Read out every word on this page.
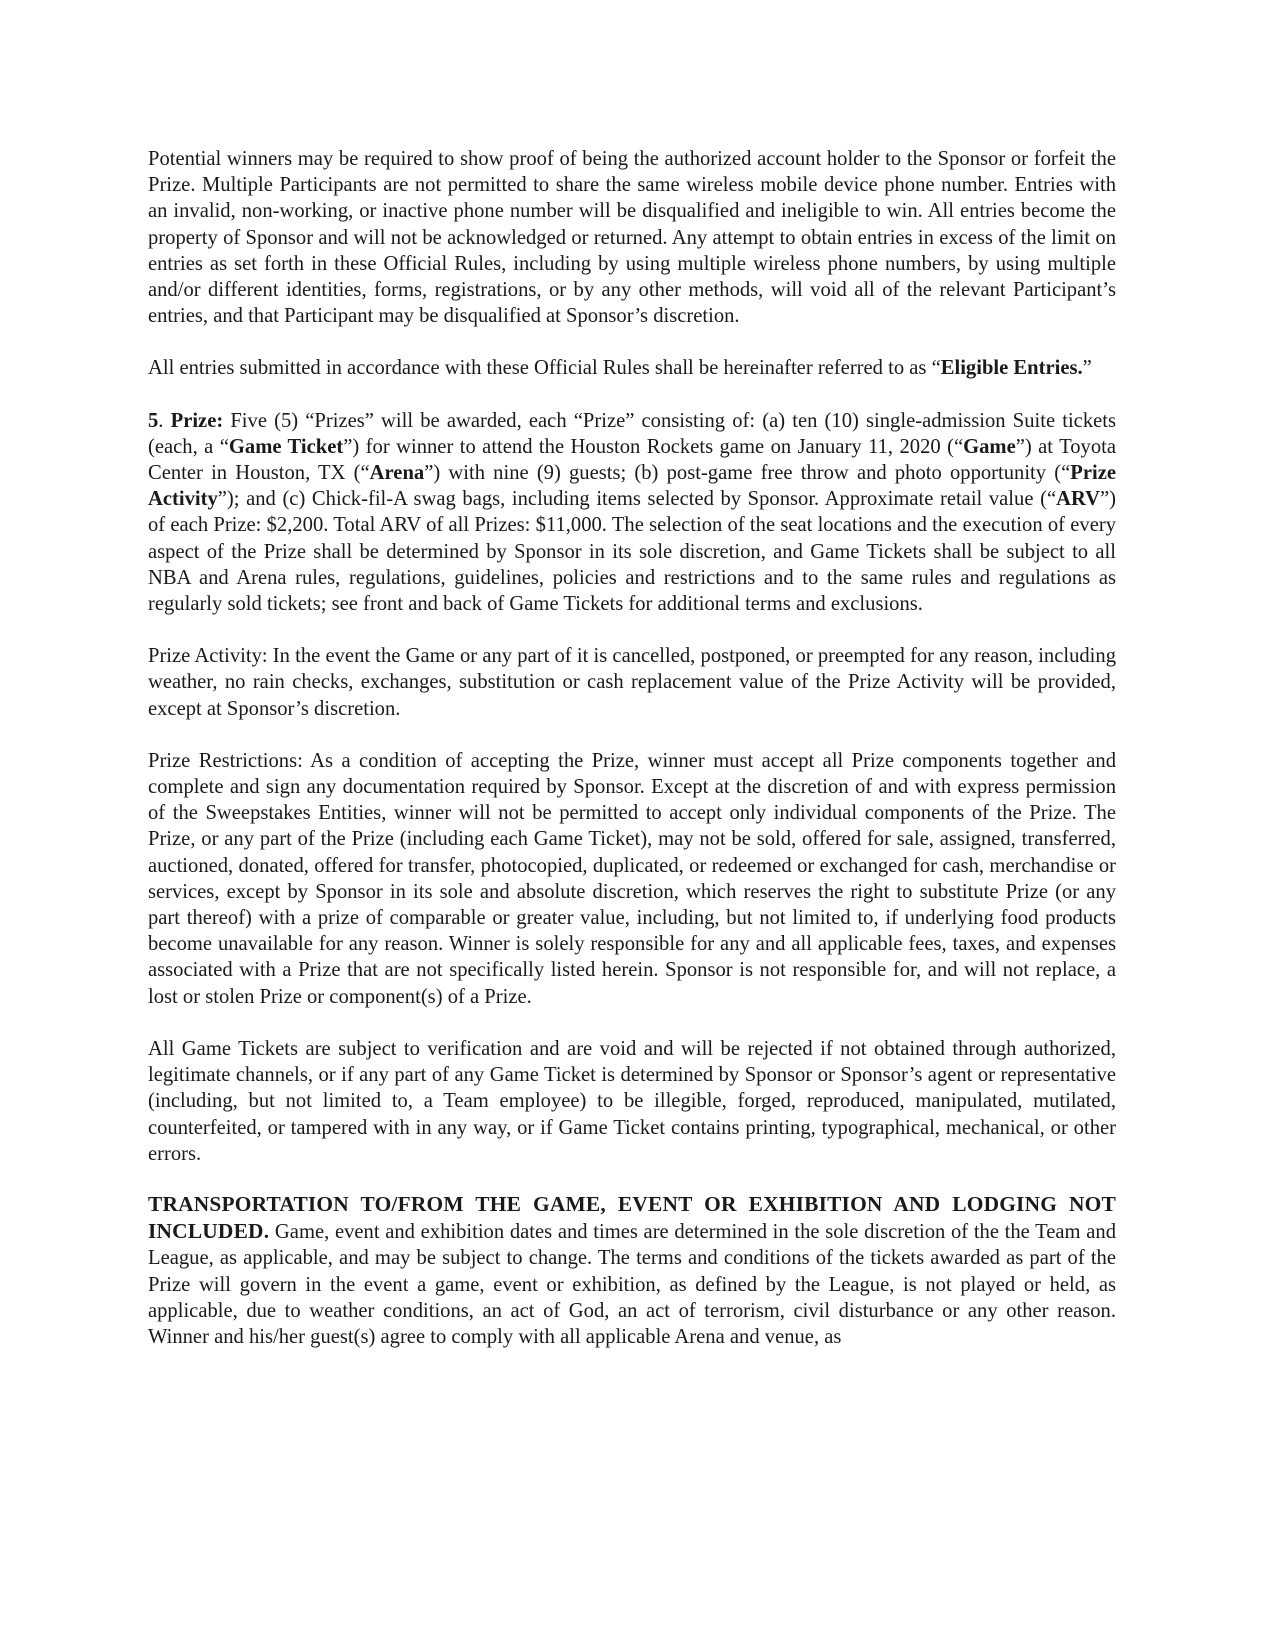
Potential winners may be required to show proof of being the authorized account holder to the Sponsor or forfeit the Prize. Multiple Participants are not permitted to share the same wireless mobile device phone number. Entries with an invalid, non-working, or inactive phone number will be disqualified and ineligible to win. All entries become the property of Sponsor and will not be acknowledged or returned. Any attempt to obtain entries in excess of the limit on entries as set forth in these Official Rules, including by using multiple wireless phone numbers, by using multiple and/or different identities, forms, registrations, or by any other methods, will void all of the relevant Participant’s entries, and that Participant may be disqualified at Sponsor’s discretion.

All entries submitted in accordance with these Official Rules shall be hereinafter referred to as “Eligible Entries.”

5. Prize: Five (5) “Prizes” will be awarded, each “Prize” consisting of: (a) ten (10) single-admission Suite tickets (each, a “Game Ticket”) for winner to attend the Houston Rockets game on January 11, 2020 (“Game”) at Toyota Center in Houston, TX (“Arena”) with nine (9) guests; (b) post-game free throw and photo opportunity (“Prize Activity”); and (c) Chick-fil-A swag bags, including items selected by Sponsor. Approximate retail value (“ARV”) of each Prize: $2,200. Total ARV of all Prizes: $11,000. The selection of the seat locations and the execution of every aspect of the Prize shall be determined by Sponsor in its sole discretion, and Game Tickets shall be subject to all NBA and Arena rules, regulations, guidelines, policies and restrictions and to the same rules and regulations as regularly sold tickets; see front and back of Game Tickets for additional terms and exclusions.

Prize Activity: In the event the Game or any part of it is cancelled, postponed, or preempted for any reason, including weather, no rain checks, exchanges, substitution or cash replacement value of the Prize Activity will be provided, except at Sponsor’s discretion.

Prize Restrictions: As a condition of accepting the Prize, winner must accept all Prize components together and complete and sign any documentation required by Sponsor. Except at the discretion of and with express permission of the Sweepstakes Entities, winner will not be permitted to accept only individual components of the Prize. The Prize, or any part of the Prize (including each Game Ticket), may not be sold, offered for sale, assigned, transferred, auctioned, donated, offered for transfer, photocopied, duplicated, or redeemed or exchanged for cash, merchandise or services, except by Sponsor in its sole and absolute discretion, which reserves the right to substitute Prize (or any part thereof) with a prize of comparable or greater value, including, but not limited to, if underlying food products become unavailable for any reason. Winner is solely responsible for any and all applicable fees, taxes, and expenses associated with a Prize that are not specifically listed herein. Sponsor is not responsible for, and will not replace, a lost or stolen Prize or component(s) of a Prize.

All Game Tickets are subject to verification and are void and will be rejected if not obtained through authorized, legitimate channels, or if any part of any Game Ticket is determined by Sponsor or Sponsor’s agent or representative (including, but not limited to, a Team employee) to be illegible, forged, reproduced, manipulated, mutilated, counterfeited, or tampered with in any way, or if Game Ticket contains printing, typographical, mechanical, or other errors.

TRANSPORTATION TO/FROM THE GAME, EVENT OR EXHIBITION AND LODGING NOT INCLUDED. Game, event and exhibition dates and times are determined in the sole discretion of the the Team and League, as applicable, and may be subject to change. The terms and conditions of the tickets awarded as part of the Prize will govern in the event a game, event or exhibition, as defined by the League, is not played or held, as applicable, due to weather conditions, an act of God, an act of terrorism, civil disturbance or any other reason. Winner and his/her guest(s) agree to comply with all applicable Arena and venue, as
